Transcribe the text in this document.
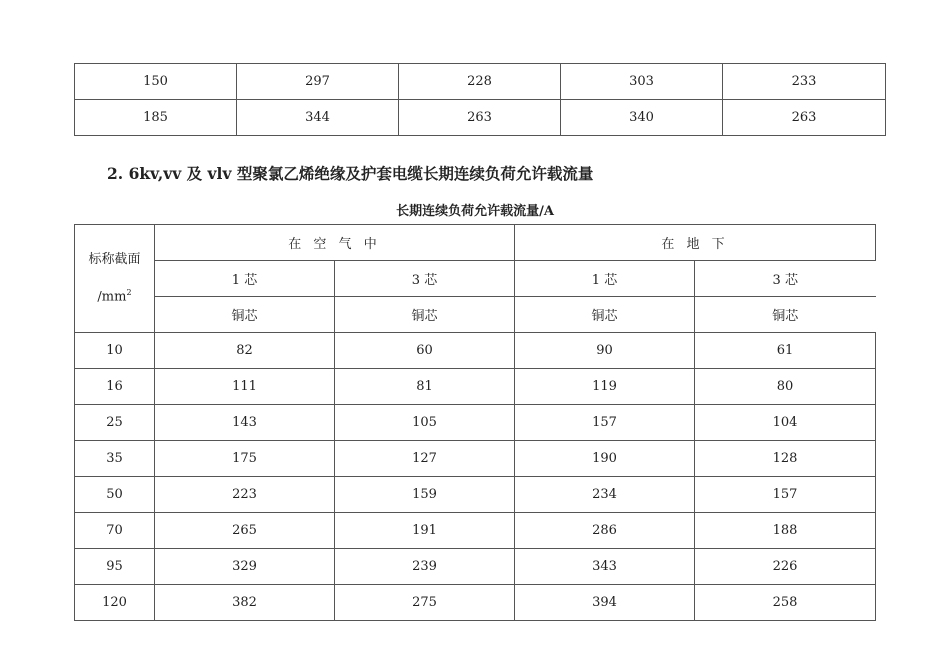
150	297	228	303	233
185	344	263	340	263
2. 6kv,vv 及 vlv 型聚氯乙烯绝缘及护套电缆长期连续负荷允许载流量
长期连续负荷允许载流量/A
标称截面
$/mm^2$	在 空 气 中		在 地 下	
	1 芯	3 芯	1 芯	3 芯
	铜芯	铜芯	铜芯	铜芯
10	82	60	90	61
16	111	81	119	80
25	143	105	157	104
35	175	127	190	128
50	223	159	234	157
70	265	191	286	188
95	329	239	343	226
120	382	275	394	258
